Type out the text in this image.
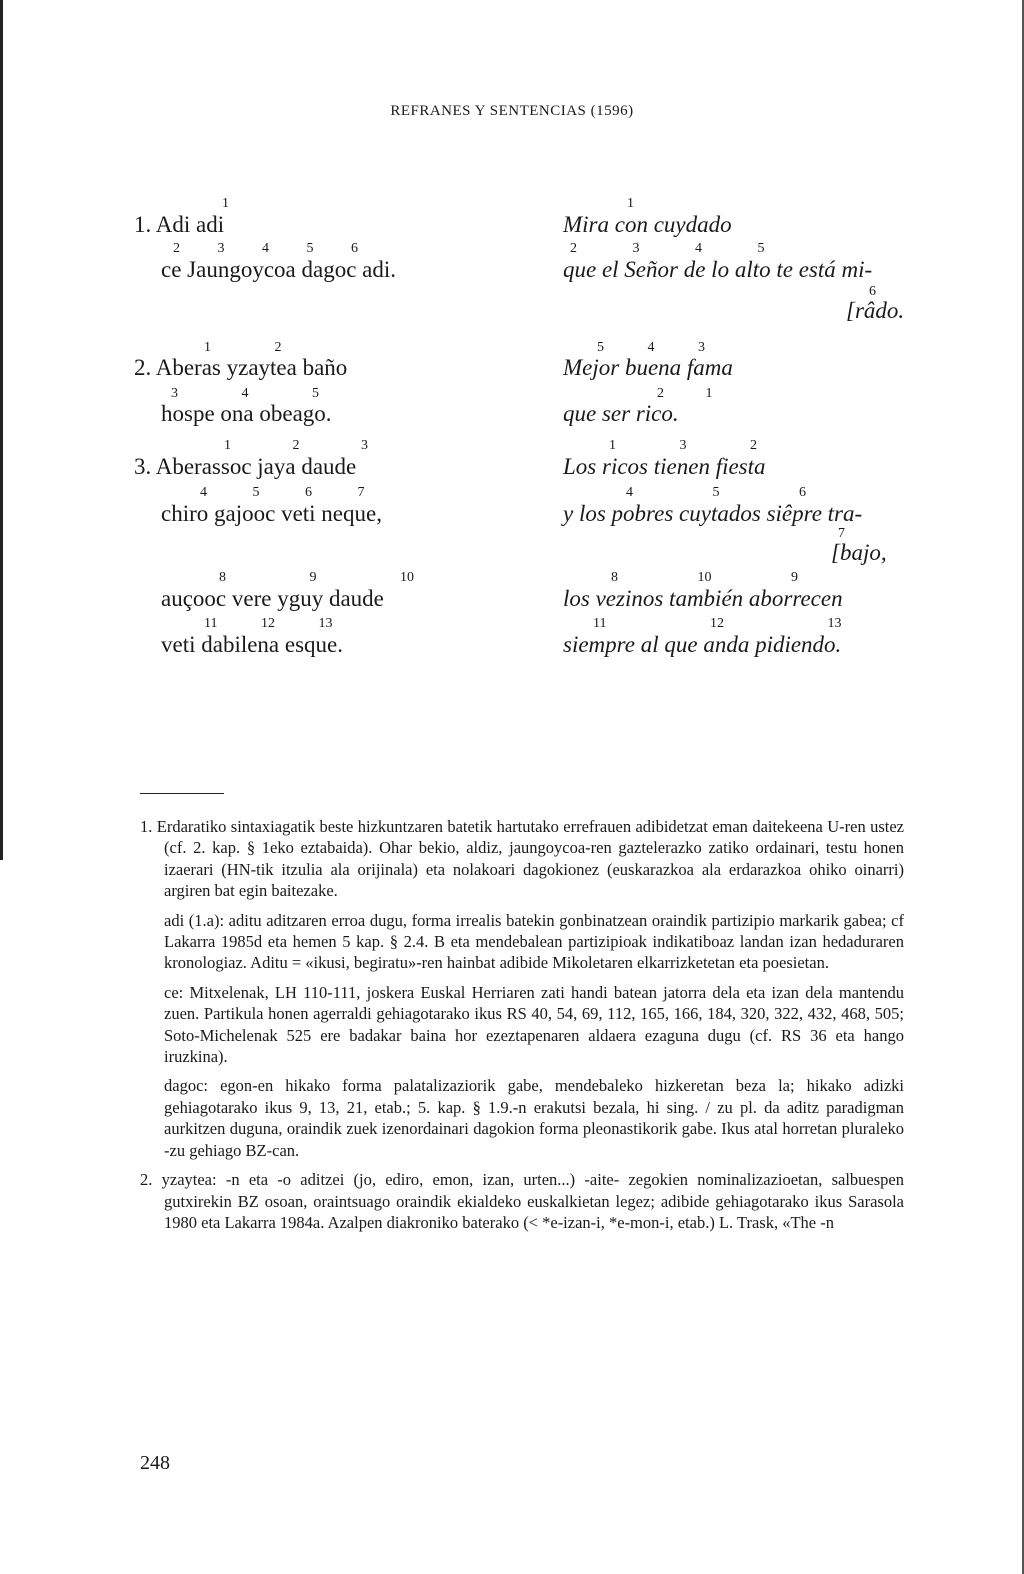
REFRANES Y SENTENCIAS (1596)
1. Adi adi
1
2 3 4 5 6
ce Jaungoycoa dagoc adi.
1 2
2. Aberas yzaytea baño
3 4 5
hospe ona obeago.
1 2 3
3. Aberassoc jaya daude
4 5 6 7
chiro gajooc veti neque,
8 9 10
auçooc vere yguy daude
11 12 13
veti dabilena esque.
1
Mira con cuydado
2 3 4 5
que el Señor de lo alto te está mi-
6
[râdo.
5 4 3
Mejor buena fama
2 1
que ser rico.
1 3 2
Los ricos tienen fiesta
4 5 6
y los pobres cuytados siêpre tra-
7
[bajo,
8 10 9
los vezinos también aborrecen
11 12 13
siempre al que anda pidiendo.

1. Erdaratiko sintaxiagatik beste hizkuntzaren batetik hartutako errefrauen adibidetzat eman daitekeena U-ren ustez (cf. 2. kap. § 1eko eztabaida). Ohar bekio, aldiz, jaungoycoa-ren gaztelerazko zatiko ordainari, testu honen izaerari (HN-tik itzulia ala orijinala) eta nolakoari dagokionez (euskarazkoa ala erdarazkoa ohiko oinarri) argiren bat egin baitezake.

adi (1.a): aditu aditzaren erroa dugu, forma irrealis batekin gonbinatzean oraindik partizipio markarik gabea; cf Lakarra 1985d eta hemen 5 kap. § 2.4. B eta mendebalean partizipioak indikatiboaz landan izan hedaduraren kronologiaz. Aditu = «ikusi, begiratu»-ren hainbat adibide Mikoletaren elkarrizketetan eta poesietan.

ce: Mitxelenak, LH 110-111, joskera Euskal Herriaren zati handi batean jatorra dela eta izan dela mantendu zuen. Partikula honen agerraldi gehiagotarako ikus RS 40, 54, 69, 112, 165, 166, 184, 320, 322, 432, 468, 505; Soto-Michelenak 525 ere badakar baina hor ezeztapenaren aldaera ezaguna dugu (cf. RS 36 eta hango iruzkina).

dagoc: egon-en hikako forma palatalizaziorik gabe, mendebaleko hizkeretan beza la; hikako adizki gehiagotarako ikus 9, 13, 21, etab.; 5. kap. § 1.9.-n erakutsi bezala, hi sing. / zu pl. da aditz paradigman aurkitzen duguna, oraindik zuek izenordainari dagokion forma pleonastikorik gabe. Ikus atal horretan pluraleko -zu gehiago BZ-can.

2. yzaytea: -n eta -o aditzei (jo, ediro, emon, izan, urten...) -aite- zegokien nominalizazioetan, salbuespen gutxirekin BZ osoan, oraintsuago oraindik ekialdeko euskalkietan legez; adibide gehiagotarako ikus Sarasola 1980 eta Lakarra 1984a. Azalpen diakroniko baterako (< *e-izan-i, *e-mon-i, etab.) L. Trask, «The -n

248
